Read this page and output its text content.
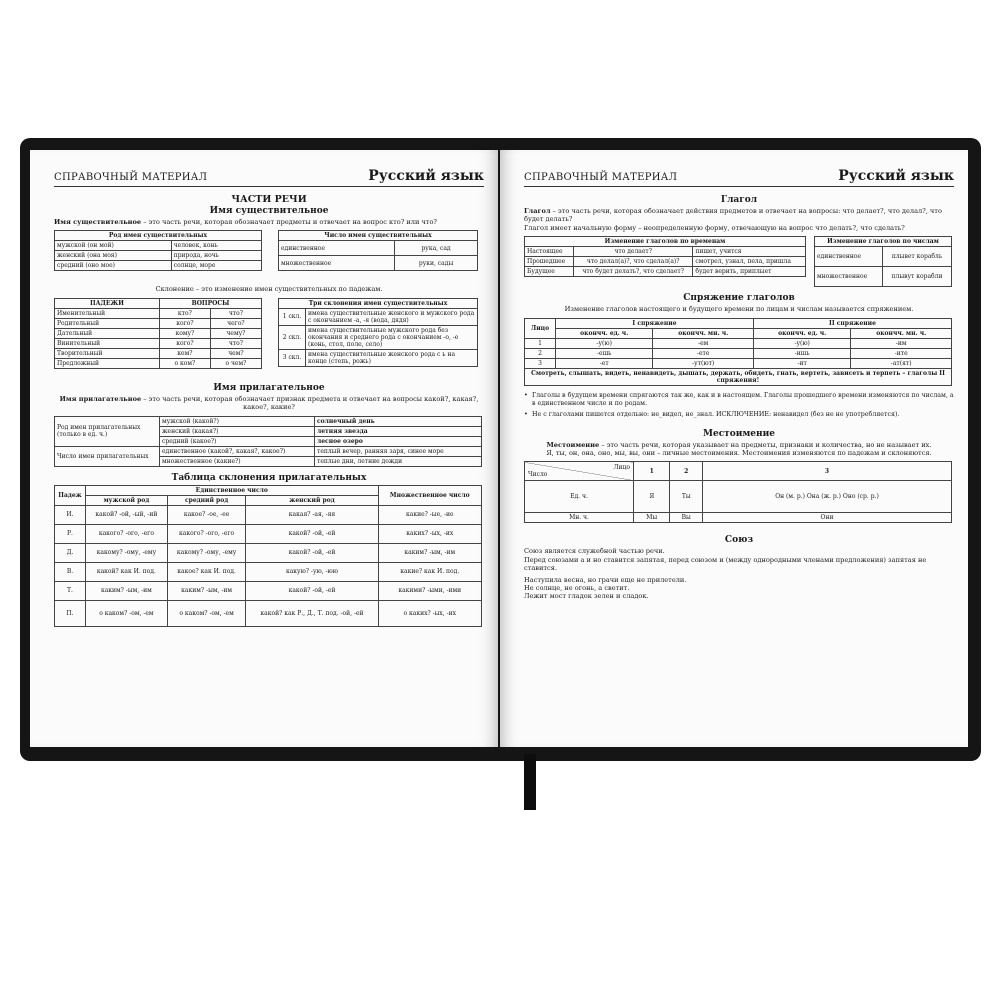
СПРАВОЧНЫЙ МАТЕРИАЛ	Русский язык

ЧАСТИ РЕЧИ

Имя существительное

Имя существительное – это часть речи, которая обозначает предметы и отвечает на вопрос кто? или что?

Род имен существительных	
мужской (он мой)	человек, конь
женский (она моя)	природа, ночь
средний (оно мое)	солнце, море
Число имен существительных	
единственное	рука, сад
множественное	руки, сады

Склонение – это изменение имен существительных по падежам.

ПАДЕЖИ	ВОПРОСЫ	
Именительный	кто?	что?
Родительный	кого?	чего?
Дательный	кому?	чему?
Винительный	кого?	что?
Творительный	кем?	чем?
Предложный	о ком?	о чем?
Три склонения имен существительных	
1 скл.	имена существительные женского и мужского рода с окончанием -а, -я (вода, дядя)
2 скл.	имена существительные мужского рода без окончания и среднего рода с окончанием -о, -е (конь, стол, поле, село)
3 скл.	имена существительные женского рода с ь на конце (степь, рожь)

Имя прилагательное

Имя прилагательное – это часть речи, которая обозначает признак предмета и отвечает на вопросы какой?, какая?, какое?, какие?

Род имен прилагательных (только в ед. ч.)	мужской (какой?)	солнечный день
	женский (какая?)	летняя звезда
	средний (какое?)	лесное озеро
Число имен прилагательных	единственное (какой?, какая?, какое?)	теплый вечер, ранняя заря, синее море
	множественное (какие?)	теплые дни, летние дожди

Таблица склонения прилагательных

Падеж	Единственное число			Множественное число
	мужской род	средний род	женский род	
И.	какой? -ой, -ый, -ий	какое? -ое, -ее	какая? -ая, -яя	какие? -ые, -ие
Р.	какого? -ого, -его	какого? -ого, -его	какой? -ой, -ей	каких? -ых, -их
Д.	какому? -ому, -ему	какому? -ому, -ему	какой? -ой, -ей	каким? -ым, -им
В.	какой? как И. под.	какое? как И. под.	какую? -ую, -юю	какие? как И. под.
Т.	каким? -ым, -им	каким? -ым, -им	какой? -ой, -ей	какими? -ыми, -ими
П.	о каком? -ом, -ем	о каком? -ом, -ем	какой? как Р., Д., Т. под. -ой, -ей	о каких? -ых, -их
СПРАВОЧНЫЙ МАТЕРИАЛ	Русский язык

Глагол

Глагол – это часть речи, которая обозначает действия предметов и отвечает на вопросы: что делает?, что делал?, что будет делать?

Глагол имеет начальную форму – неопределенную форму, отвечающую на вопрос что делать?, что сделать?

Изменение глаголов по временам		
Настоящее	что делает?	пишет, учится
Прошедшее	что делал(а)?, что сделал(а)?	смотрел, узнал, пела, пришла
Будущее	что будет делать?, что сделает?	будет верить, приплыет
Изменение глаголов по числам	
единственное	плывет корабль
множественное	плывут корабли

Спряжение глаголов

Изменение глаголов настоящего и будущего времени по лицам и числам называется спряжением.

Лицо	I спряжение		II спряжение	
	окончч. ед. ч.	окончч. мн. ч.	окончч. ед. ч.	окончч. мн. ч.
1	-у(ю)	-ем	-у(ю)	-им
2	-ешь	-ете	-ишь	-ите
3	-ет	-ут(ют)	-ит	-ат(ят)
Смотреть, слышать, видеть, ненавидеть, дышать, держать, обидеть, гнать, вертеть, зависеть и терпеть – глаголы II спряжения!				

• Глаголы в будущем времени спрягаются так же, как и в настоящем. Глаголы прошедшего времени изменяются по числам, а в единственном числе и по родам.

• Не с глаголами пишется отдельно: не_видел, не_знал. ИСКЛЮЧЕНИЕ: ненавидел (без не не употребляется).

Местоимение

Местоимение – это часть речи, которая указывает на предметы, признаки и количества, но не называет их.

Я, ты, он, она, оно, мы, вы, они – личные местоимения. Местоимения изменяются по падежам и склоняются.

Лицо
Число	1	2	3
Ед. ч.	Я	Ты	Он (м. р.) Она (ж. р.) Оно (ср. р.)
Мн. ч.	Мы	Вы	Они

Союз

Союз является служебной частью речи.

Перед союзами а и но ставится запятая, перед союзом и (между однородными членами предложения) запятая не ставится.

Наступила весна, но грачи еще не прилетели.

Не солнце, не огонь, а светит.

Лежит мост гладок зелен и сладок.
